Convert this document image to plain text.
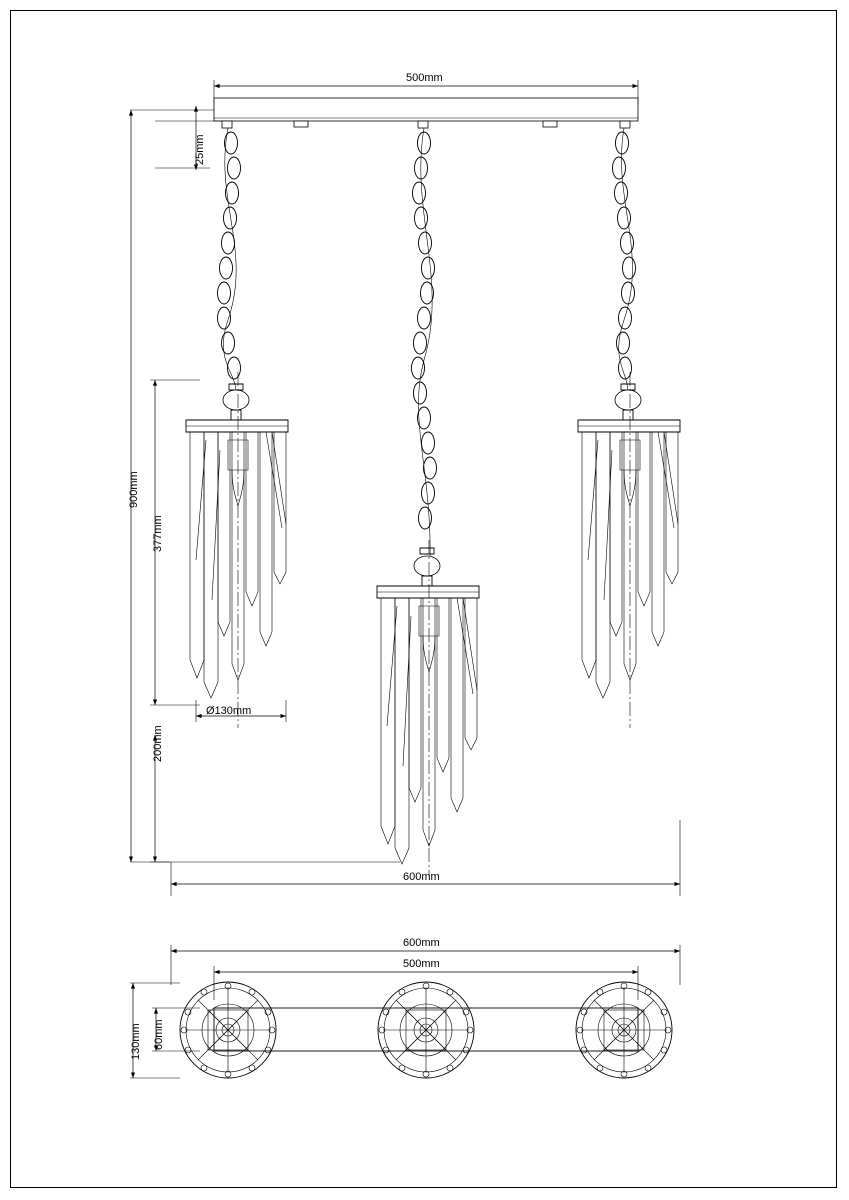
500mm
25mm
900mm
377mm
Ø130mm
200mm
600mm
600mm
500mm
130mm 60mm
